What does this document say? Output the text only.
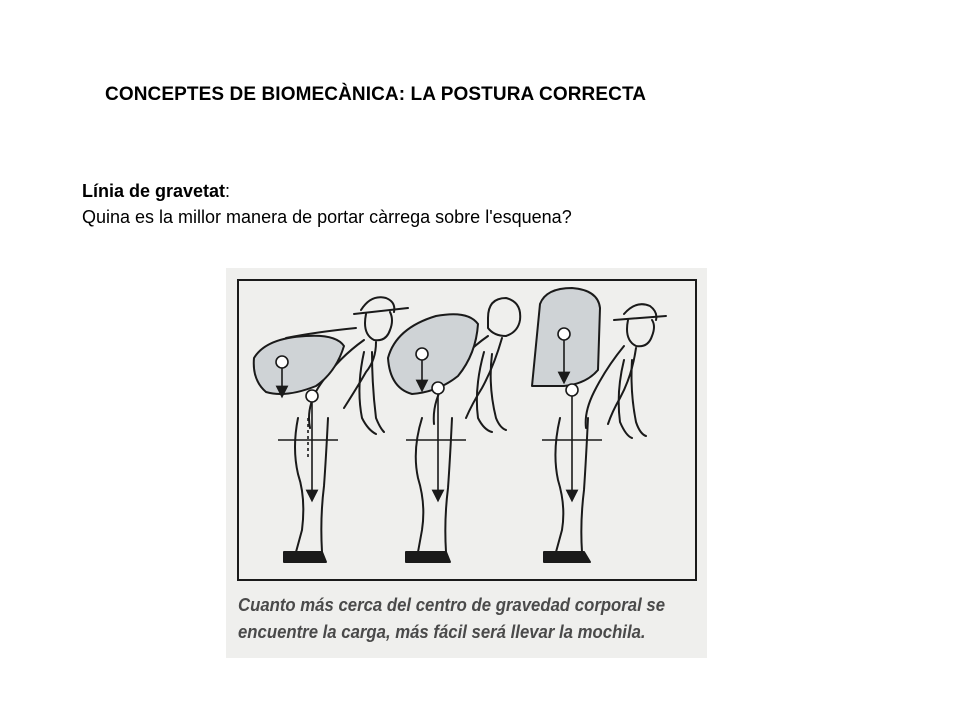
CONCEPTES DE BIOMECÀNICA: LA POSTURA CORRECTA
Línia de gravetat:
Quina es la millor manera de portar càrrega sobre l'esquena?
Cuanto más cerca del centro de gravedad corporal se
encuentre la carga, más fácil será llevar la mochila.
